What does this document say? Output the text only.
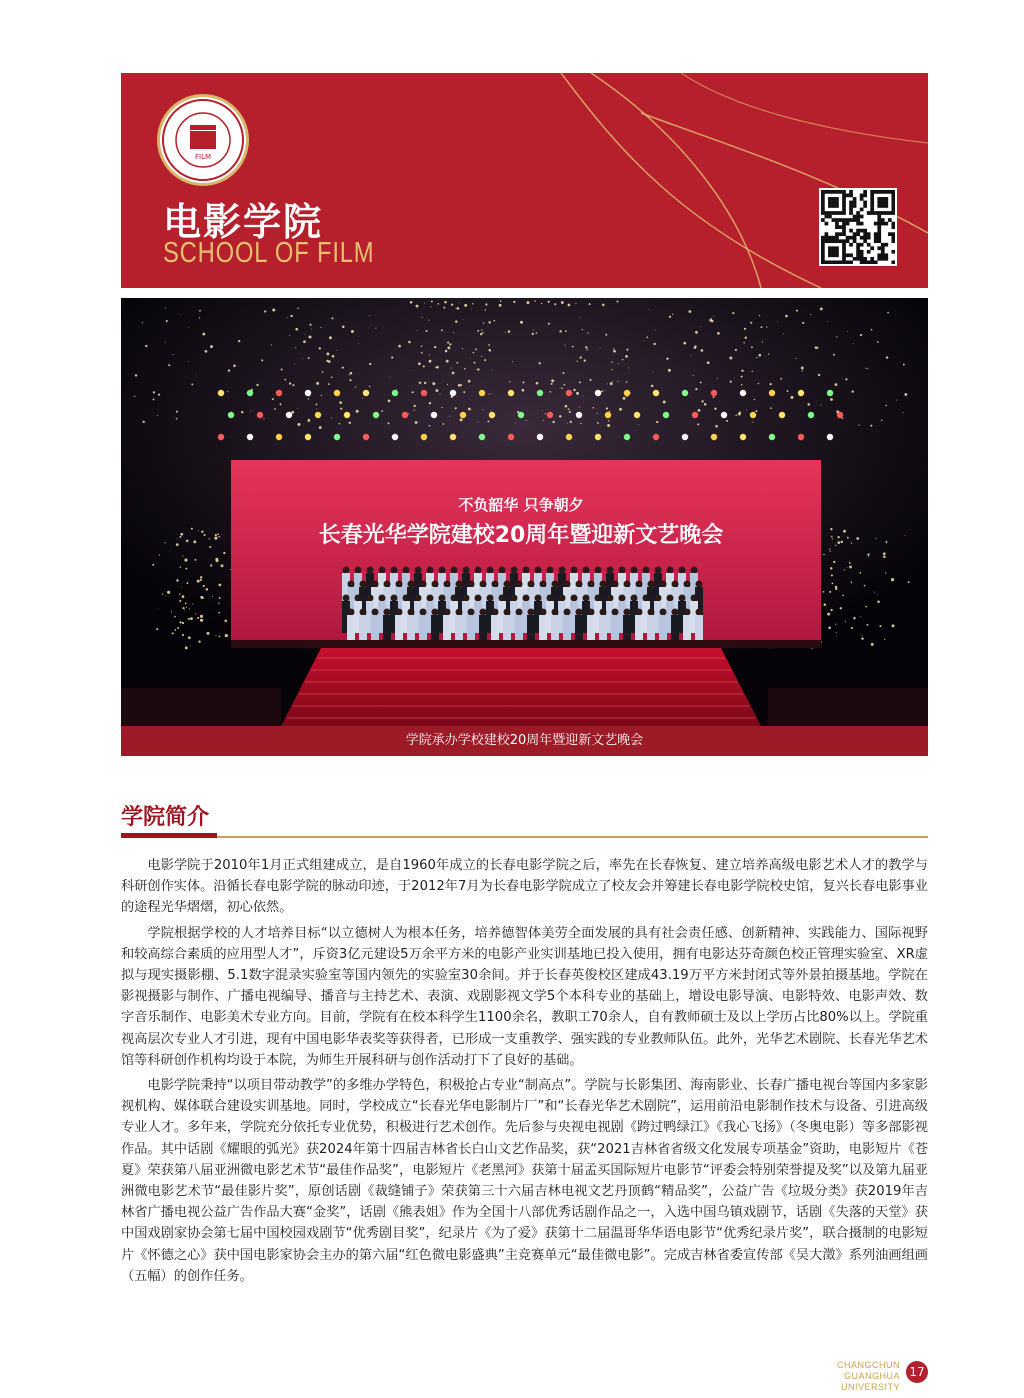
FILM
电影学院
SCHOOL OF FILM
不负韶华 只争朝夕
长春光华学院建校20周年暨迎新文艺晚会
学院承办学校建校20周年暨迎新文艺晚会
学院简介

电影学院于2010年1月正式组建成立，是自1960年成立的长春电影学院之后，率先在长春恢复、建立培养高级电影艺术人才的教学与科研创作实体。沿循长春电影学院的脉动印迹，于2012年7月为长春电影学院成立了校友会并筹建长春电影学院校史馆，复兴长春电影事业的途程光华熠熠，初心依然。

学院根据学校的人才培养目标“以立德树人为根本任务，培养德智体美劳全面发展的具有社会责任感、创新精神、实践能力、国际视野和较高综合素质的应用型人才”，斥资3亿元建设5万余平方米的电影产业实训基地已投入使用，拥有电影达芬奇颜色校正管理实验室、XR虚拟与现实摄影棚、5.1数字混录实验室等国内领先的实验室30余间。并于长春英俊校区建成43.19万平方米封闭式等外景拍摄基地。学院在影视摄影与制作、广播电视编导、播音与主持艺术、表演、戏剧影视文学5个本科专业的基础上，增设电影导演、电影特效、电影声效、数字音乐制作、电影美术专业方向。目前，学院有在校本科学生1100余名，教职工70余人，自有教师硕士及以上学历占比80%以上。学院重视高层次专业人才引进，现有中国电影华表奖等获得者，已形成一支重教学、强实践的专业教师队伍。此外，光华艺术剧院、长春光华艺术馆等科研创作机构均设于本院，为师生开展科研与创作活动打下了良好的基础。

电影学院秉持“以项目带动教学”的多维办学特色，积极抢占专业“制高点”。学院与长影集团、海南影业、长春广播电视台等国内多家影视机构、媒体联合建设实训基地。同时，学校成立“长春光华电影制片厂”和“长春光华艺术剧院”，运用前沿电影制作技术与设备、引进高级专业人才。多年来，学院充分依托专业优势，积极进行艺术创作。先后参与央视电视剧《跨过鸭绿江》《我心飞扬》（冬奥电影）等多部影视作品。其中话剧《耀眼的弧光》获2024年第十四届吉林省长白山文艺作品奖，获“2021吉林省省级文化发展专项基金”资助，电影短片《苍夏》荣获第八届亚洲微电影艺术节“最佳作品奖”，电影短片《老黑河》获第十届孟买国际短片电影节“评委会特别荣誉提及奖”以及第九届亚洲微电影艺术节“最佳影片奖”，原创话剧《裁缝铺子》荣获第三十六届吉林电视文艺丹顶鹤“精品奖”，公益广告《垃圾分类》获2019年吉林省广播电视公益广告作品大赛“金奖”，话剧《熊表姐》作为全国十八部优秀话剧作品之一，入选中国乌镇戏剧节，话剧《失落的天堂》获中国戏剧家协会第七届中国校园戏剧节“优秀剧目奖”，纪录片《为了爱》获第十二届温哥华华语电影节“优秀纪录片奖”，联合摄制的电影短片《怀德之心》获中国电影家协会主办的第六届“红色微电影盛典”主竞赛单元“最佳微电影”。完成吉林省委宣传部《吴大澂》系列油画组画（五幅）的创作任务。

CHANGCHUN
GUANGHUA UNIVERSITY
17
